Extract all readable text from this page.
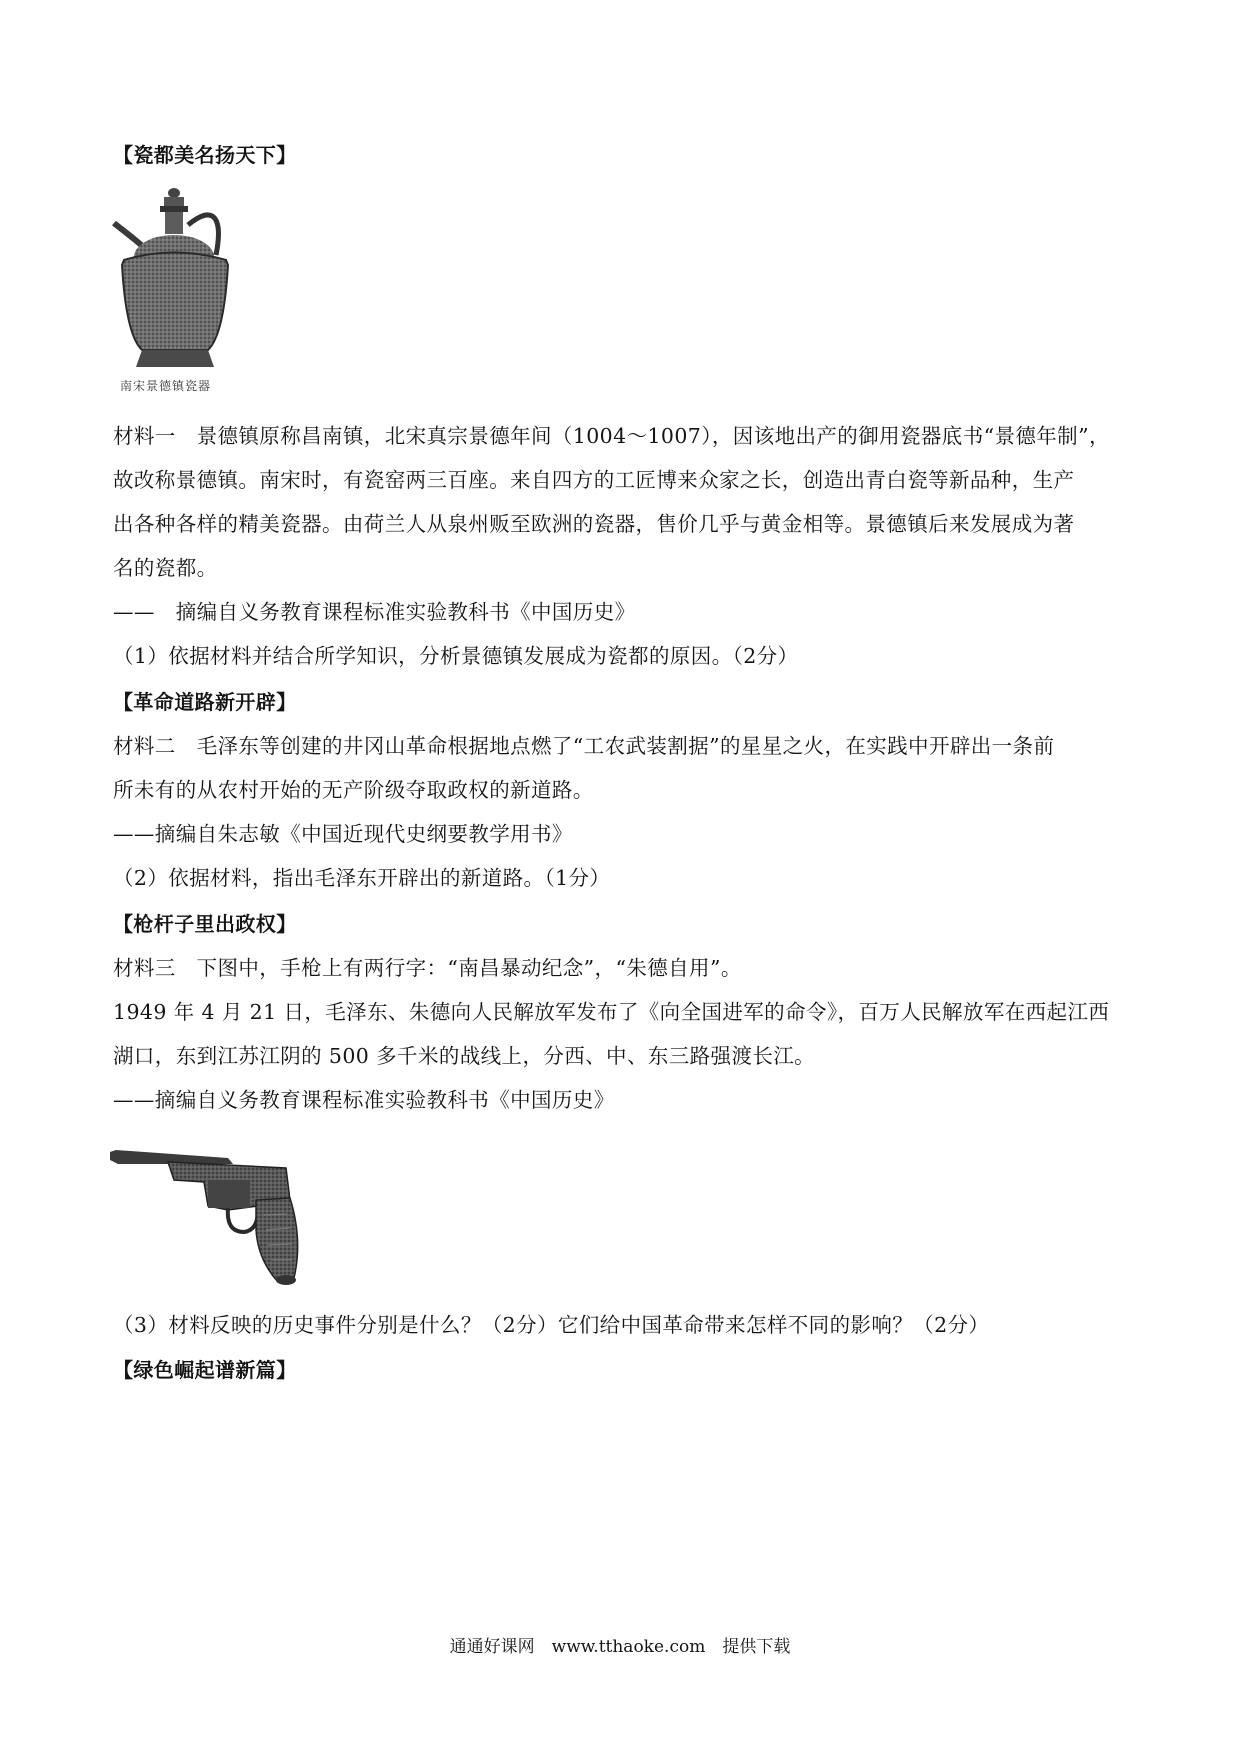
【瓷都美名扬天下】
南宋景德镇瓷器
材料一　景德镇原称昌南镇，北宋真宗景德年间（1004～1007），因该地出产的御用瓷器底书“景德年制”，
故改称景德镇。南宋时，有瓷窑两三百座。来自四方的工匠博来众家之长，创造出青白瓷等新品种，生产
出各种各样的精美瓷器。由荷兰人从泉州贩至欧洲的瓷器，售价几乎与黄金相等。景德镇后来发展成为著
名的瓷都。
——　摘编自义务教育课程标准实验教科书《中国历史》
（1）依据材料并结合所学知识，分析景德镇发展成为瓷都的原因。（2分）
【革命道路新开辟】
材料二　毛泽东等创建的井冈山革命根据地点燃了“工农武装割据”的星星之火，在实践中开辟出一条前
所未有的从农村开始的无产阶级夺取政权的新道路。
——摘编自朱志敏《中国近现代史纲要教学用书》
（2）依据材料，指出毛泽东开辟出的新道路。（1分）
【枪杆子里出政权】
材料三　下图中，手枪上有两行字：“南昌暴动纪念”，“朱德自用”。
1949 年 4 月 21 日，毛泽东、朱德向人民解放军发布了《向全国进军的命令》，百万人民解放军在西起江西
湖口，东到江苏江阴的 500 多千米的战线上，分西、中、东三路强渡长江。
——摘编自义务教育课程标准实验教科书《中国历史》
（3）材料反映的历史事件分别是什么？（2分）它们给中国革命带来怎样不同的影响？（2分）
【绿色崛起谱新篇】
通通好课网　www.tthaoke.com　提供下载
